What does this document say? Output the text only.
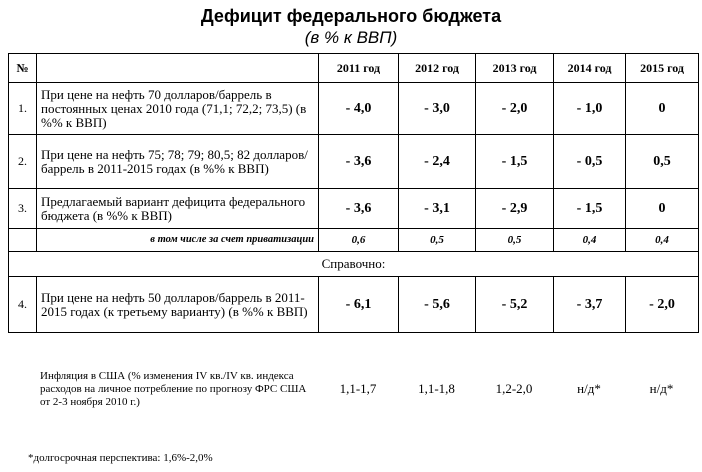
Дефицит федерального бюджета
(в % к ВВП)
№		2011 год	2012 год	2013 год	2014 год	2015 год
1.	При цене на нефть 70 долларов/баррель в постоянных ценах 2010 года (71,1; 72,2; 73,5) (в %% к ВВП)	- 4,0	- 3,0	- 2,0	- 1,0	0
2.	При цене на нефть 75; 78; 79; 80,5; 82 долларов/баррель в 2011-2015 годах (в %% к ВВП)	- 3,6	- 2,4	- 1,5	- 0,5	0,5
3.	Предлагаемый вариант дефицита федерального бюджета (в %% к ВВП)	- 3,6	- 3,1	- 2,9	- 1,5	0
	в том числе за счет приватизации	0,6	0,5	0,5	0,4	0,4
Справочно:						
4.	При цене на нефть 50 долларов/баррель в 2011-2015 годах (к третьему варианту) (в %% к ВВП)	- 6,1	- 5,6	- 5,2	- 3,7	- 2,0
	Инфляция в США (% изменения IV кв./IV кв. индекса расходов на личное потребление по прогнозу ФРС США от 2-3 ноября 2010 г.)	1,1-1,7	1,1-1,8	1,2-2,0	н/д*	н/д*
*долгосрочная перспектива: 1,6%-2,0%
